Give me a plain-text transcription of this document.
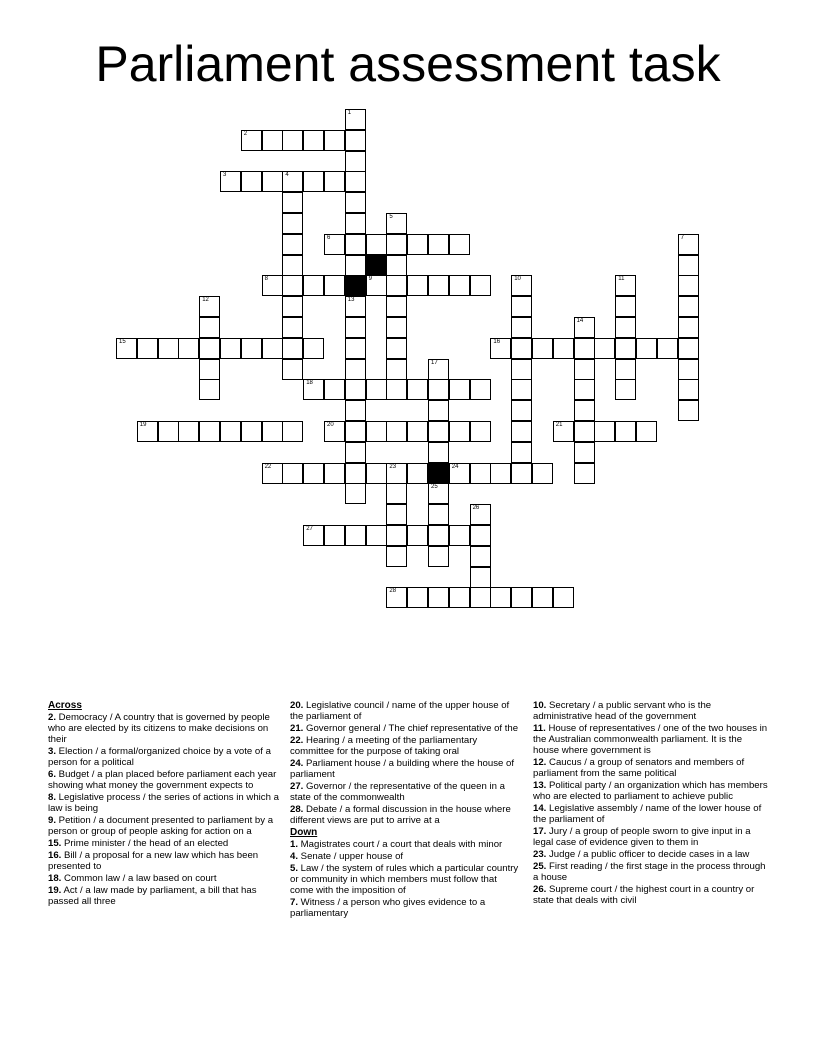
Parliament assessment task
1
2
3	4
5
6	7
8	9	10	11
12	13
14
15	16
17
18
19	20	21
22	23	24
25
26
27
28
Across
2. Democracy / A country that is governed by people who are elected by its citizens to make decisions on their
3. Election / a formal/organized choice by a vote of a person for a political
6. Budget / a plan placed before parliament each year showing what money the government expects to
8. Legislative process / the series of actions in which a law is being
9. Petition / a document presented to parliament by a person or group of people asking for action on a
15. Prime minister / the head of an elected
16. Bill / a proposal for a new law which has been presented to
18. Common law / a law based on court
19. Act / a law made by parliament, a bill that has passed all three
20. Legislative council / name of the upper house of the parliament of
21. Governor general / The chief representative of the
22. Hearing / a meeting of the parliamentary committee for the purpose of taking oral
24. Parliament house / a building where the house of parliament
27. Governor / the representative of the queen in a state of the commonwealth
28. Debate / a formal discussion in the house where different views are put to arrive at a
Down
1. Magistrates court / a court that deals with minor
4. Senate / upper house of
5. Law / the system of rules which a particular country or community in which members must follow that come with the imposition of
7. Witness / a person who gives evidence to a parliamentary
10. Secretary / a public servant who is the administrative head of the government
11. House of representatives / one of the two houses in the Australian commonwealth parliament. It is the house where government is
12. Caucus / a group of senators and members of parliament from the same political
13. Political party / an organization which has members who are elected to parliament to achieve public
14. Legislative assembly / name of the lower house of the parliament of
17. Jury / a group of people sworn to give input in a legal case of evidence given to them in
23. Judge / a public officer to decide cases in a law
25. First reading / the first stage in the process through a house
26. Supreme court / the highest court in a country or state that deals with civil
